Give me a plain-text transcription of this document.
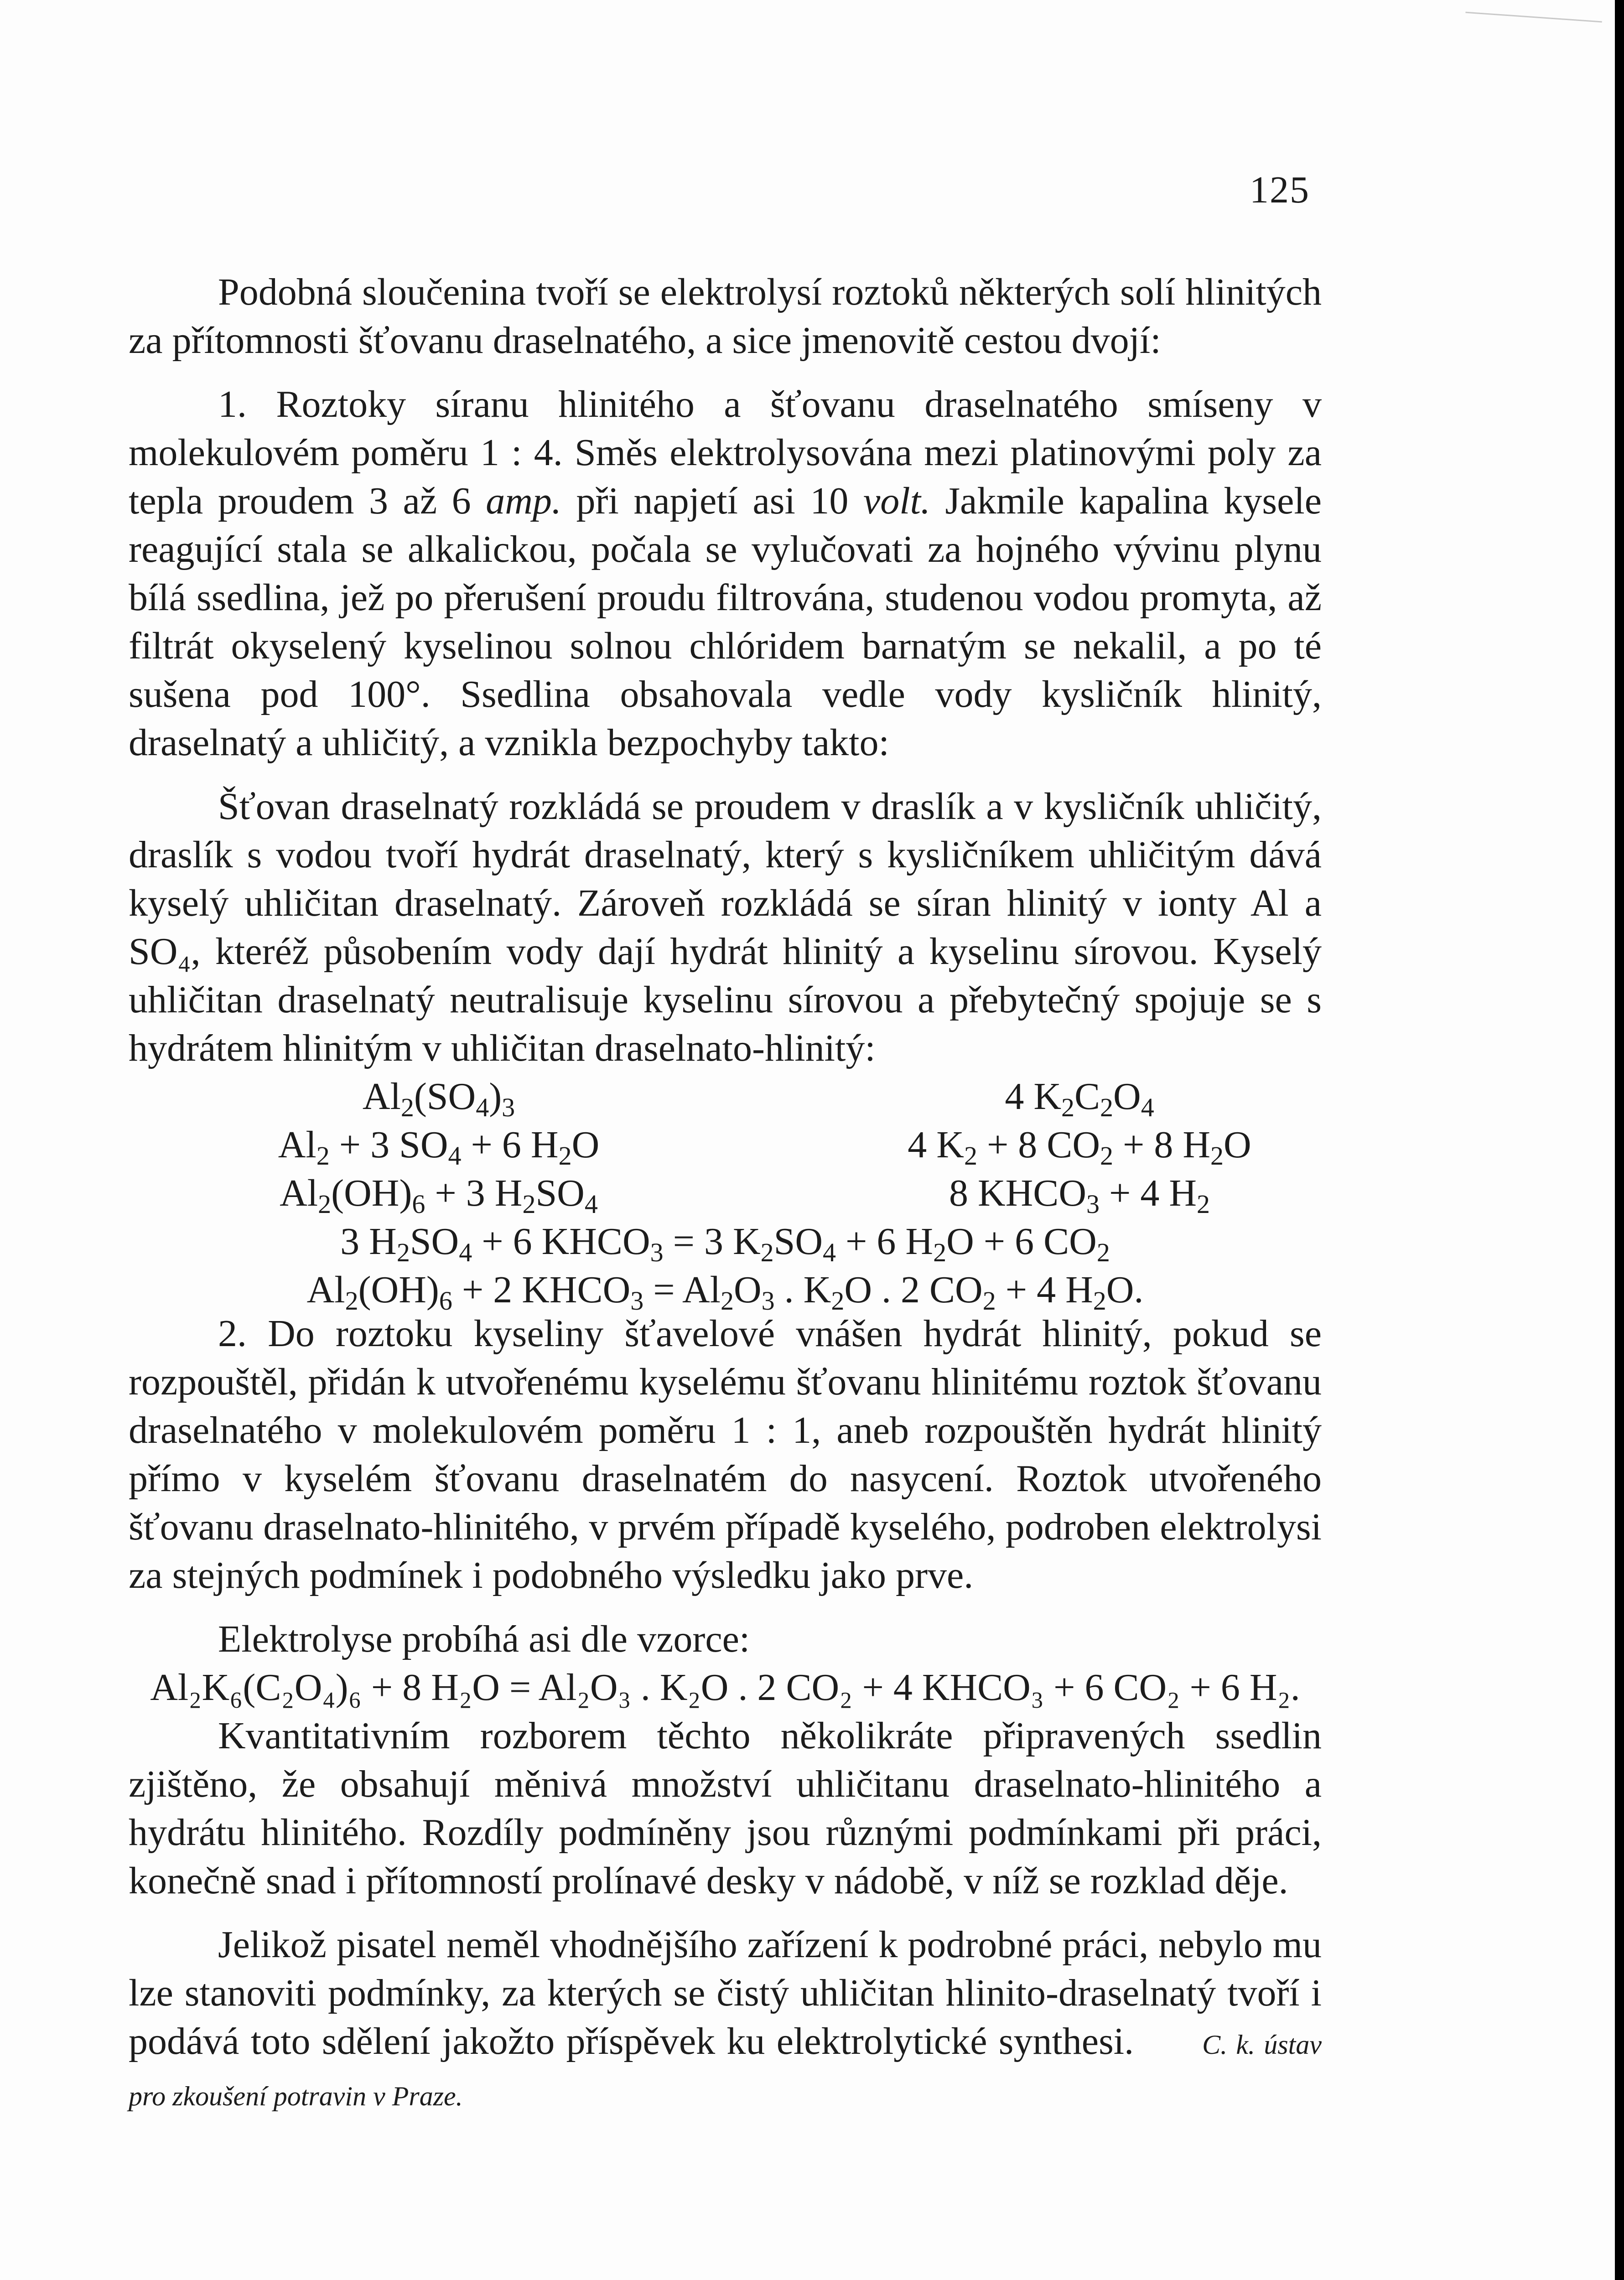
125

Podobná sloučenina tvoří se elektrolysí roztoků některých solí hlinitých za přítomnosti šťovanu draselnatého, a sice jmenovitě cestou dvojí:

1. Roztoky síranu hlinitého a šťovanu draselnatého smíseny v molekulovém poměru 1 : 4. Směs elektrolysována mezi platinovými poly za tepla proudem 3 až 6 amp. při napjetí asi 10 volt. Jakmile kapalina kysele reagující stala se alkalickou, počala se vylučovati za hojného vývinu plynu bílá ssedlina, jež po přerušení proudu filtrována, studenou vodou promyta, až filtrát okyselený kyselinou solnou chlóridem barnatým se nekalil, a po té sušena pod 100°. Ssedlina obsahovala vedle vody kysličník hlinitý, draselnatý a uhličitý, a vznikla bezpochyby takto:

Šťovan draselnatý rozkládá se proudem v draslík a v kysličník uhličitý, draslík s vodou tvoří hydrát draselnatý, který s kysličníkem uhličitým dává kyselý uhličitan draselnatý. Zároveň rozkládá se síran hlinitý v ionty Al a SO₄, kteréž působením vody dají hydrát hlinitý a kyselinu sírovou. Kyselý uhličitan draselnatý neutralisuje kyselinu sírovou a přebytečný spojuje se s hydrátem hlinitým v uhličitan draselnato-hlinitý:

$Al_2(SO_4)_3$
$Al_2 + 3$ $SO_4 + 6$ $H_2O$
$Al_2(OH)_6 + 3$ $H_2SO_4$
4 $K_2C_2O_4$
4 $K_2 + 8$ $CO_2 + 8$ $H_2O$
8 $KHCO_3 + 4$ $H_2$
3 $H_2SO_4 + 6$ $KHCO_3 = 3$ $K_2SO_4 + 6$ $H_2O + 6$ $CO_2$
$Al_2(OH)_6 + 2$ $KHCO_3 = Al_2O_3$ . $K_2O$ . 2 $CO_2 + 4$ $H_2O$.

2. Do roztoku kyseliny šťavelové vnášen hydrát hlinitý, pokud se rozpouštěl, přidán k utvořenému kyselému šťovanu hlinitému roztok šťovanu draselnatého v molekulovém poměru 1 : 1, aneb rozpouštěn hydrát hlinitý přímo v kyselém šťovanu draselnatém do nasycení. Roztok utvořeného šťovanu draselnato-hlinitého, v prvém případě kyselého, podroben elektrolysi za stejných podmínek i podobného výsledku jako prve.

Elektrolyse probíhá asi dle vzorce:

Al₂K₆(C₂O₄)₆ + 8 H₂O = Al₂O₃ . K₂O . 2 CO₂ + 4 KHCO₃ + 6 CO₂ + 6 H₂.

Kvantitativním rozborem těchto několikráte připravených ssedlin zjištěno, že obsahují měnivá množství uhličitanu draselnato-hlinitého a hydrátu hlinitého. Rozdíly podmíněny jsou různými podmínkami při práci, konečně snad i přítomností prolínavé desky v nádobě, v níž se rozklad děje.

Jelikož pisatel neměl vhodnějšího zařízení k podrobné práci, nebylo mu lze stanoviti podmínky, za kterých se čistý uhličitan hlinito-draselnatý tvoří i podává toto sdělení jakožto příspěvek ku elektrolytické synthesi.	C. k. ústav pro zkoušení potravin v Praze.
